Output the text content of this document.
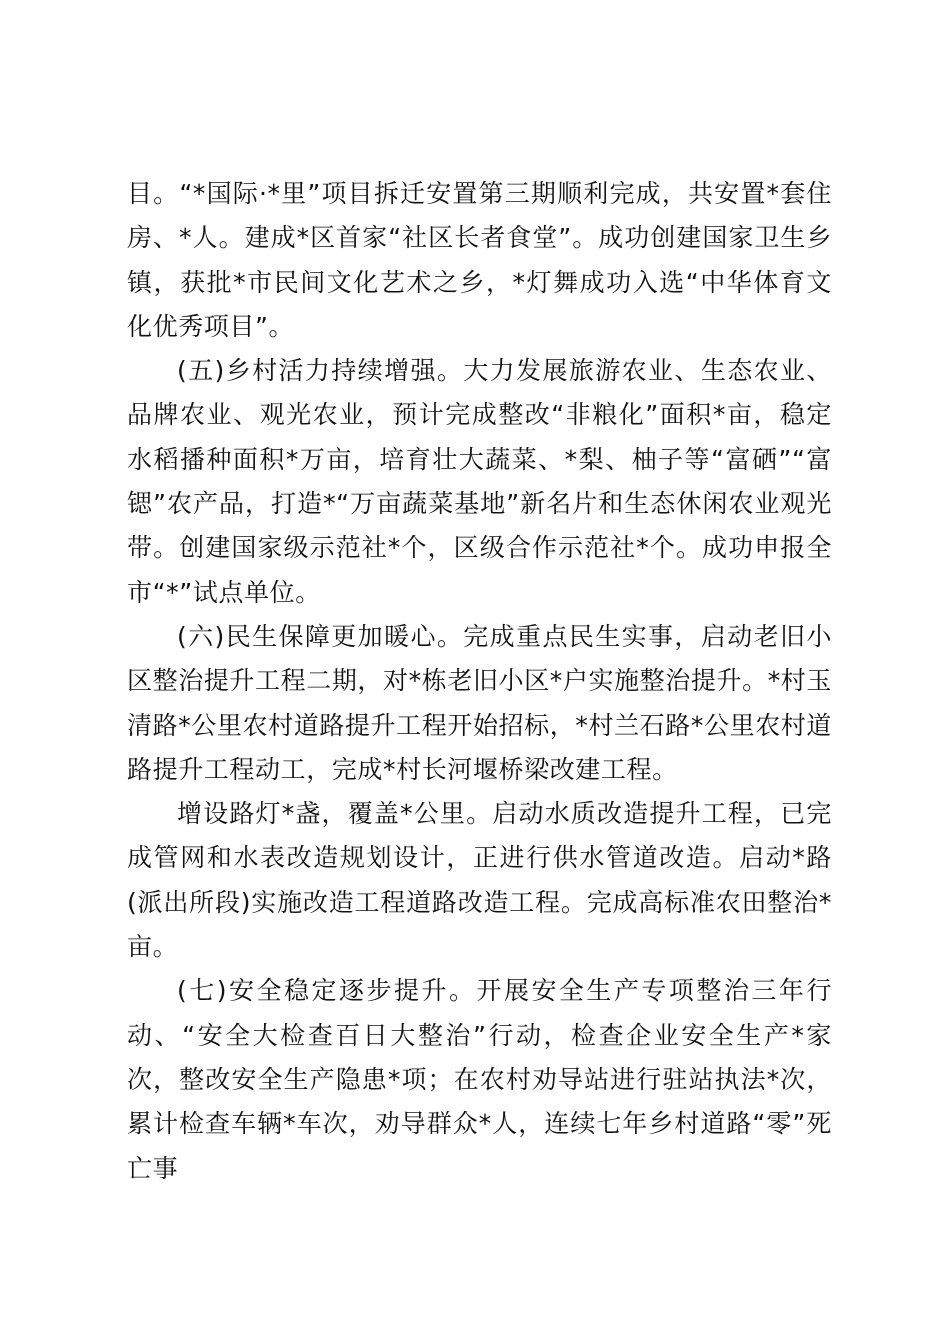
目。“*国际·*里”项目拆迁安置第三期顺利完成，共安置*套住房、*人。建成*区首家“社区长者食堂”。成功创建国家卫生乡镇，获批*市民间文化艺术之乡，*灯舞成功入选“中华体育文化优秀项目”。

(五)乡村活力持续增强。大力发展旅游农业、生态农业、品牌农业、观光农业，预计完成整改“非粮化”面积*亩，稳定水稻播种面积*万亩，培育壮大蔬菜、*梨、柚子等“富硒”“富锶”农产品，打造*“万亩蔬菜基地”新名片和生态休闲农业观光带。创建国家级示范社*个，区级合作示范社*个。成功申报全市“*”试点单位。

(六)民生保障更加暖心。完成重点民生实事，启动老旧小区整治提升工程二期，对*栋老旧小区*户实施整治提升。*村玉清路*公里农村道路提升工程开始招标，*村兰石路*公里农村道路提升工程动工，完成*村长河堰桥梁改建工程。

增设路灯*盏，覆盖*公里。启动水质改造提升工程，已完成管网和水表改造规划设计，正进行供水管道改造。启动*路(派出所段)实施改造工程道路改造工程。完成高标准农田整治*亩。

(七)安全稳定逐步提升。开展安全生产专项整治三年行动、“安全大检查百日大整治”行动，检查企业安全生产*家次，整改安全生产隐患*项；在农村劝导站进行驻站执法*次，累计检查车辆*车次，劝导群众*人，连续七年乡村道路“零”死亡事
